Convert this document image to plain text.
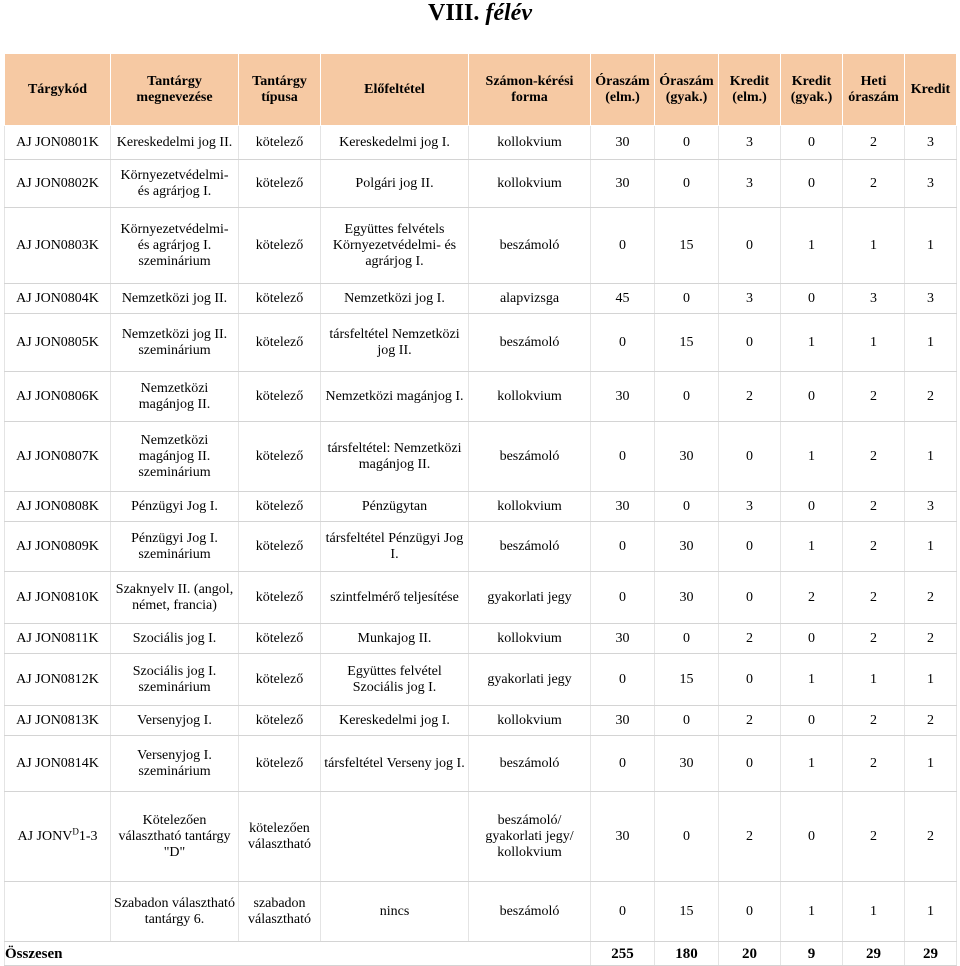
VIII. félév
Tárgykód	Tantárgy megnevezése	Tantárgy típusa	Előfeltétel	Számon-kérési forma	Óraszám (elm.)	Óraszám (gyak.)	Kredit (elm.)	Kredit (gyak.)	Heti óraszám	Kredit
AJ JON0801K	Kereskedelmi jog II.	kötelező	Kereskedelmi jog I.	kollokvium	30	0	3	0	2	3
AJ JON0802K	Környezetvédelmi- és agrárjog I.	kötelező	Polgári jog II.	kollokvium	30	0	3	0	2	3
AJ JON0803K	Környezetvédelmi- és agrárjog I. szeminárium	kötelező	Együttes felvétels Környezetvédelmi- és agrárjog I.	beszámoló	0	15	0	1	1	1
AJ JON0804K	Nemzetközi jog II.	kötelező	Nemzetközi jog I.	alapvizsga	45	0	3	0	3	3
AJ JON0805K	Nemzetközi jog II. szeminárium	kötelező	társfeltétel Nemzetközi jog II.	beszámoló	0	15	0	1	1	1
AJ JON0806K	Nemzetközi magánjog II.	kötelező	Nemzetközi magánjog I.	kollokvium	30	0	2	0	2	2
AJ JON0807K	Nemzetközi magánjog II. szeminárium	kötelező	társfeltétel: Nemzetközi magánjog II.	beszámoló	0	30	0	1	2	1
AJ JON0808K	Pénzügyi Jog I.	kötelező	Pénzügytan	kollokvium	30	0	3	0	2	3
AJ JON0809K	Pénzügyi Jog I. szeminárium	kötelező	társfeltétel Pénzügyi Jog I.	beszámoló	0	30	0	1	2	1
AJ JON0810K	Szaknyelv II. (angol, német, francia)	kötelező	szintfelmérő teljesítése	gyakorlati jegy	0	30	0	2	2	2
AJ JON0811K	Szociális jog I.	kötelező	Munkajog II.	kollokvium	30	0	2	0	2	2
AJ JON0812K	Szociális jog I. szeminárium	kötelező	Együttes felvétel Szociális jog I.	gyakorlati jegy	0	15	0	1	1	1
AJ JON0813K	Versenyjog I.	kötelező	Kereskedelmi jog I.	kollokvium	30	0	2	0	2	2
AJ JON0814K	Versenyjog I. szeminárium	kötelező	társfeltétel Verseny jog I.	beszámoló	0	30	0	1	2	1
AJ $JONV^D1-3$	Kötelezően választható tantárgy "D"	kötelezően választható		beszámoló/ gyakorlati jegy/ kollokvium	30	0	2	0	2	2
	Szabadon választható tantárgy 6.	szabadon választható	nincs	beszámoló	0	15	0	1	1	1
Összesen					255	180	20	9	29	29
